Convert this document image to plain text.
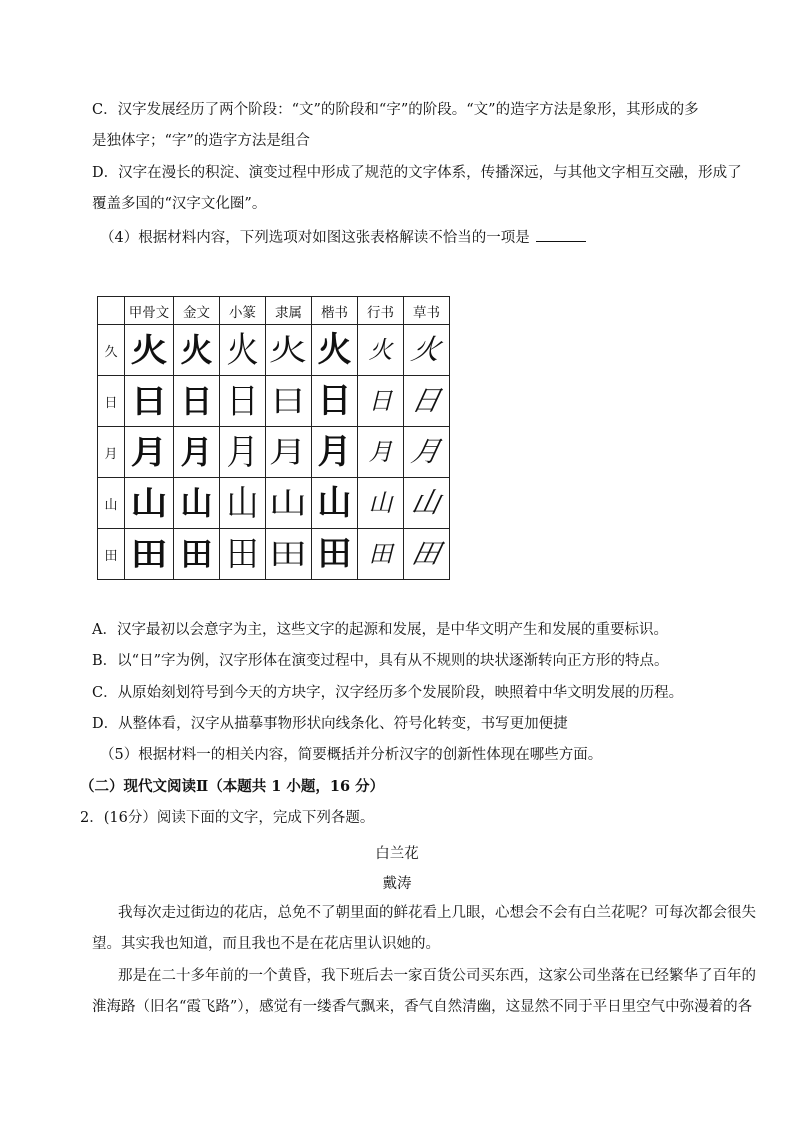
C．汉字发展经历了两个阶段：“文”的阶段和“字”的阶段。“文”的造字方法是象形，其形成的多
是独体字；“字”的造字方法是组合
D．汉字在漫长的积淀、演变过程中形成了规范的文字体系，传播深远，与其他文字相互交融，形成了
覆盖多国的“汉字文化圈”。
（4）根据材料内容，下列选项对如图这张表格解读不恰当的一项是
	甲骨文	金文	小篆	隶属	楷书	行书	草书
久	火	火	火	火	火	火	火
日	日	日	日	日	日	日	日
月	月	月	月	月	月	月	月
山	山	山	山	山	山	山	山
田	田	田	田	田	田	田	田
A．汉字最初以会意字为主，这些文字的起源和发展，是中华文明产生和发展的重要标识。
B．以“日”字为例，汉字形体在演变过程中，具有从不规则的块状逐渐转向正方形的特点。
C．从原始刻划符号到今天的方块字，汉字经历多个发展阶段，映照着中华文明发展的历程。
D．从整体看，汉字从描摹事物形状向线条化、符号化转变，书写更加便捷
（5）根据材料一的相关内容，简要概括并分析汉字的创新性体现在哪些方面。
（二）现代文阅读Ⅱ（本题共 1 小题，16 分）
2．(16分）阅读下面的文字，完成下列各题。
白兰花
戴涛
我每次走过街边的花店，总免不了朝里面的鲜花看上几眼，心想会不会有白兰花呢？可每次都会很失
望。其实我也知道，而且我也不是在花店里认识她的。
那是在二十多年前的一个黄昏，我下班后去一家百货公司买东西，这家公司坐落在已经繁华了百年的
淮海路（旧名“霞飞路”），感觉有一缕香气飘来，香气自然清幽，这显然不同于平日里空气中弥漫着的各
